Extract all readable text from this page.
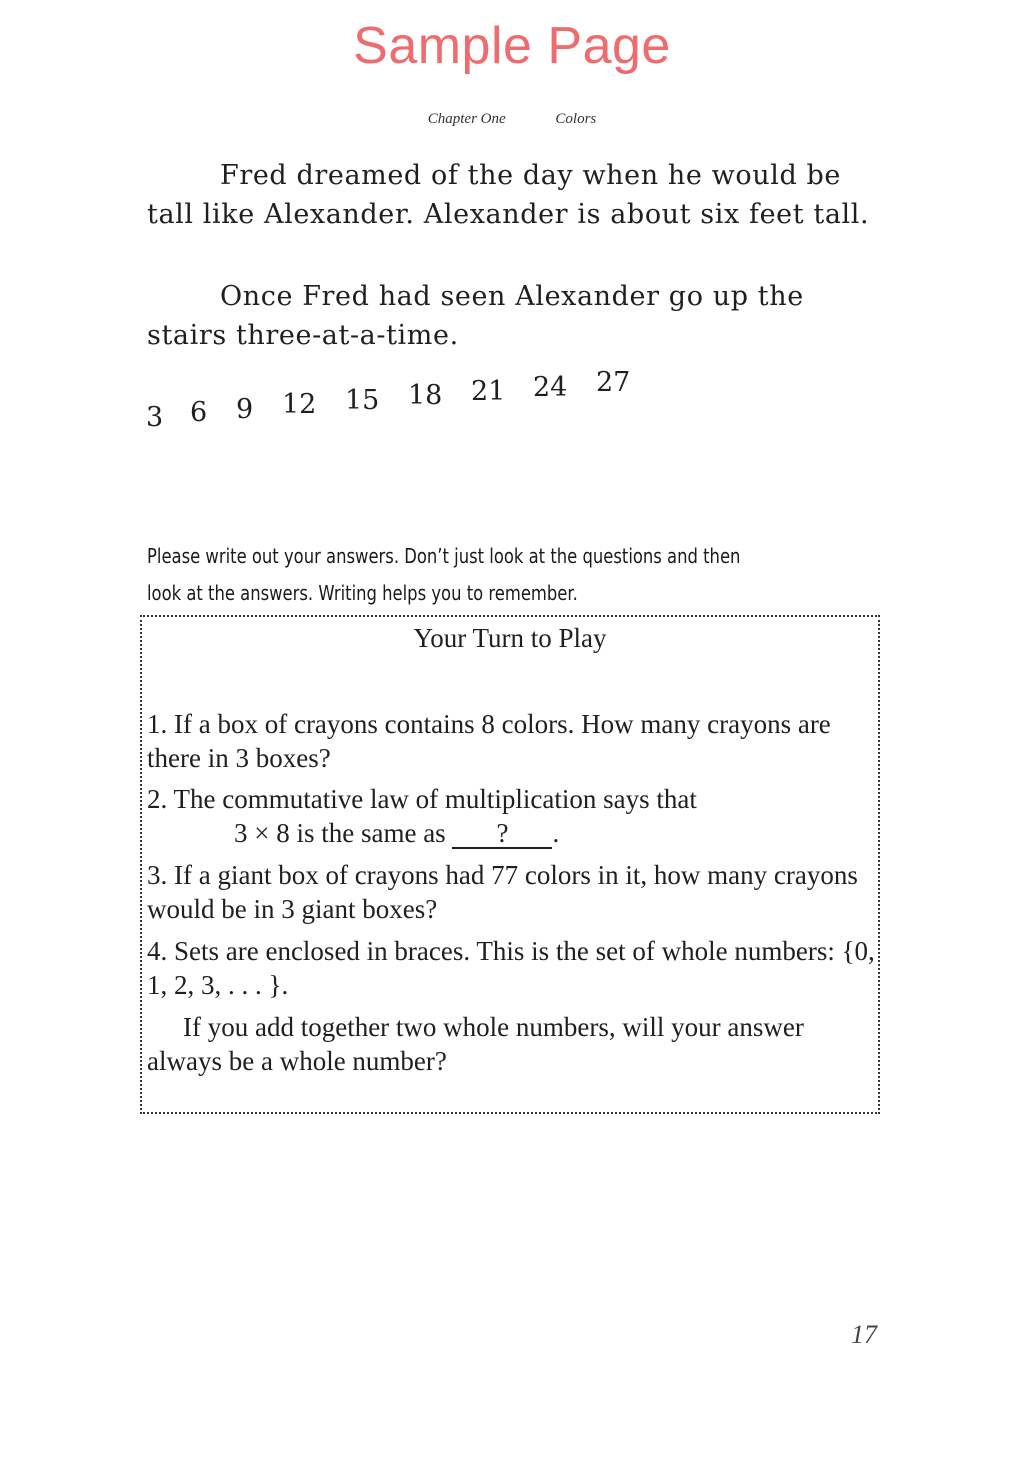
Sample Page
Chapter One	Colors

Fred dreamed of the day when he would be tall like Alexander. Alexander is about six feet tall.

Once Fred had seen Alexander go up the stairs three-at-a-time.

3 6 9 12 15 18 21 24 27
Please write out your answers. Don’t just look at the questions and then
look at the answers. Writing helps you to remember.
Your Turn to Play

1. If a box of crayons contains 8 colors. How many crayons are there in 3 boxes?

2. The commutative law of multiplication says that

3 × 8 is the same as ? .

3. If a giant box of crayons had 77 colors in it, how many crayons would be in 3 giant boxes?

4. Sets are enclosed in braces. This is the set of whole numbers: {0, 1, 2, 3, . . . }.

If you add together two whole numbers, will your answer always be a whole number?

17
